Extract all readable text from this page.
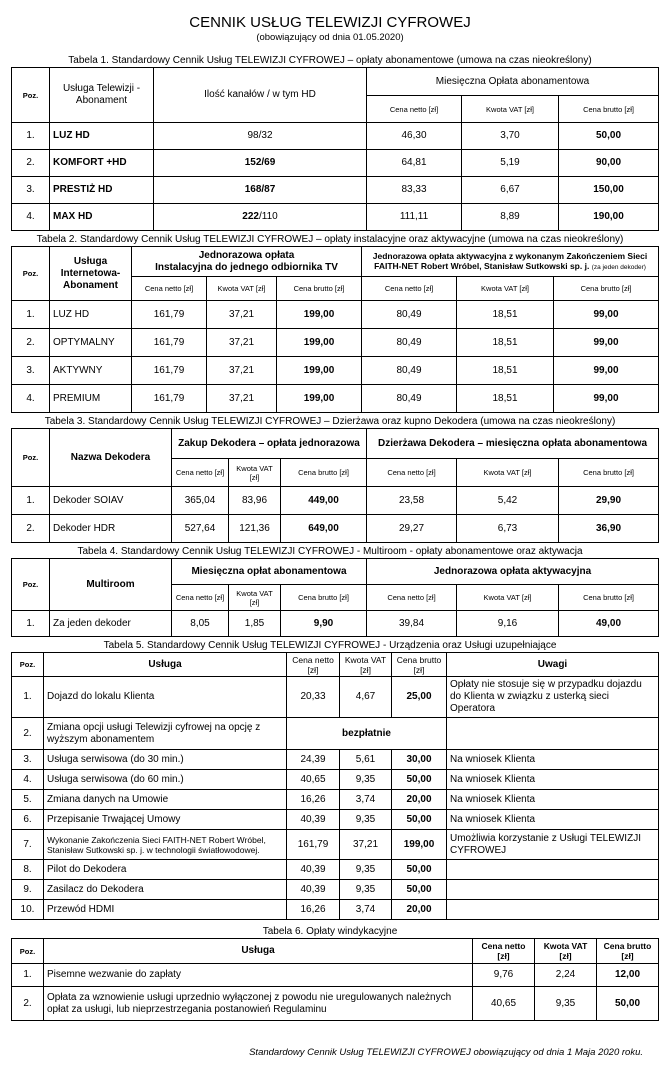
CENNIK USŁUG TELEWIZJI CYFROWEJ
(obowiązujący od dnia 01.05.2020)
Tabela 1. Standardowy Cennik Usług TELEWIZJI CYFROWEJ – opłaty abonamentowe (umowa na czas nieokreślony)
Poz.	Usługa Telewizji - Abonament	Ilość kanałów / w tym HD	Miesięczna Opłata abonamentowa		
			Cena netto [zł]	Kwota VAT [zł]	Cena brutto [zł]
1.	LUZ HD	98/32	46,30	3,70	50,00
2.	KOMFORT +HD	152/69	64,81	5,19	90,00
3.	PRESTIŻ HD	168/87	83,33	6,67	150,00
4.	MAX HD	222/110	111,11	8,89	190,00
Tabela 2. Standardowy Cennik Usług TELEWIZJI CYFROWEJ – opłaty instalacyjne oraz aktywacyjne (umowa na czas nieokreślony)
Poz.	Usługa Internetowa- Abonament	Jednorazowa opłata
Instalacyjna do jednego odbiornika TV			Jednorazowa opłata aktywacyjna z wykonanym Zakończeniem Sieci FAITH-NET Robert Wróbel, Stanisław Sutkowski sp. j. (za jeden dekoder)		
		Cena netto [zł]	Kwota VAT [zł]	Cena brutto [zł]	Cena netto [zł]	Kwota VAT [zł]	Cena brutto [zł]
1.	LUZ HD	161,79	37,21	199,00	80,49	18,51	99,00
2.	OPTYMALNY	161,79	37,21	199,00	80,49	18,51	99,00
3.	AKTYWNY	161,79	37,21	199,00	80,49	18,51	99,00
4.	PREMIUM	161,79	37,21	199,00	80,49	18,51	99,00
Tabela 3. Standardowy Cennik Usług TELEWIZJI CYFROWEJ – Dzierżawa oraz kupno Dekodera (umowa na czas nieokreślony)
Poz.	Nazwa Dekodera	Zakup Dekodera – opłata jednorazowa			Dzierżawa Dekodera – miesięczna opłata abonamentowa		
		Cena netto [zł]	Kwota VAT [zł]	Cena brutto [zł]	Cena netto [zł]	Kwota VAT [zł]	Cena brutto [zł]
1.	Dekoder SOIAV	365,04	83,96	449,00	23,58	5,42	29,90
2.	Dekoder HDR	527,64	121,36	649,00	29,27	6,73	36,90
Tabela 4. Standardowy Cennik Usług TELEWIZJI CYFROWEJ - Multiroom - opłaty abonamentowe oraz aktywacja
Poz.	Multiroom	Miesięczna opłat abonamentowa			Jednorazowa opłata aktywacyjna		
		Cena netto [zł]	Kwota VAT [zł]	Cena brutto [zł]	Cena netto [zł]	Kwota VAT [zł]	Cena brutto [zł]
1.	Za jeden dekoder	8,05	1,85	9,90	39,84	9,16	49,00
Tabela 5. Standardowy Cennik Usług TELEWIZJI CYFROWEJ - Urządzenia oraz Usługi uzupełniające
Poz.	Usługa	Cena netto [zł]	Kwota VAT [zł]	Cena brutto [zł]	Uwagi
1.	Dojazd do lokalu Klienta	20,33	4,67	25,00	Opłaty nie stosuje się w przypadku dojazdu do Klienta w związku z usterką sieci Operatora
2.	Zmiana opcji usługi Telewizji cyfrowej na opcję z wyższym abonamentem	bezpłatnie			
3.	Usługa serwisowa (do 30 min.)	24,39	5,61	30,00	Na wniosek Klienta
4.	Usługa serwisowa (do 60 min.)	40,65	9,35	50,00	Na wniosek Klienta
5.	Zmiana danych na Umowie	16,26	3,74	20,00	Na wniosek Klienta
6.	Przepisanie Trwającej Umowy	40,39	9,35	50,00	Na wniosek Klienta
7.	Wykonanie Zakończenia Sieci FAITH-NET Robert Wróbel, Stanisław Sutkowski sp. j. w technologii światłowodowej.	161,79	37,21	199,00	Umożliwia korzystanie z Usługi TELEWIZJI CYFROWEJ
8.	Pilot do Dekodera	40,39	9,35	50,00	
9.	Zasilacz do Dekodera	40,39	9,35	50,00	
10.	Przewód HDMI	16,26	3,74	20,00	
Tabela 6. Opłaty windykacyjne
Poz.	Usługa	Cena netto [zł]	Kwota VAT [zł]	Cena brutto [zł]
1.	Pisemne wezwanie do zapłaty	9,76	2,24	12,00
2.	Opłata za wznowienie usługi uprzednio wyłączonej z powodu nie uregulowanych należnych opłat za usługi, lub nieprzestrzegania postanowień Regulaminu	40,65	9,35	50,00
Standardowy Cennik Usług TELEWIZJI CYFROWEJ obowiązujący od dnia 1 Maja 2020 roku.
